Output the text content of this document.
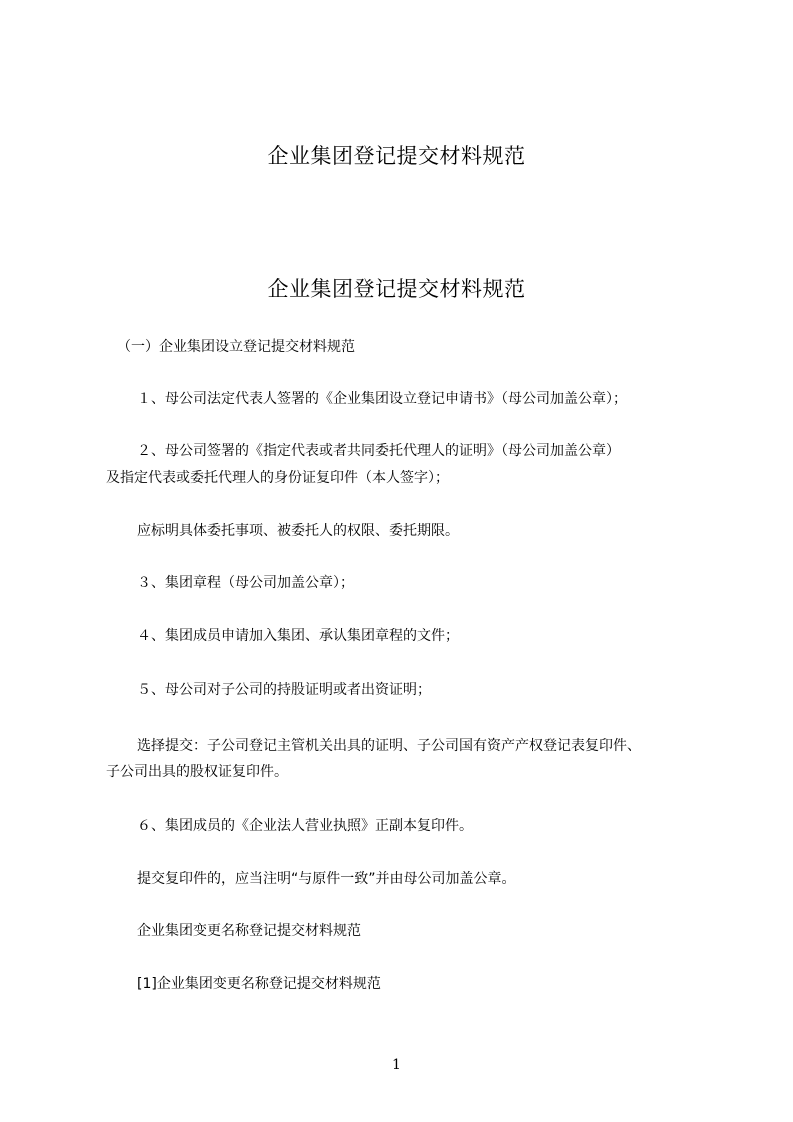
企业集团登记提交材料规范
企业集团登记提交材料规范
（一）企业集团设立登记提交材料规范
１、母公司法定代表人签署的《企业集团设立登记申请书》（母公司加盖公章）；
２、母公司签署的《指定代表或者共同委托代理人的证明》（母公司加盖公章）
及指定代表或委托代理人的身份证复印件（本人签字）；
应标明具体委托事项、被委托人的权限、委托期限。
３、集团章程（母公司加盖公章）；
４、集团成员申请加入集团、承认集团章程的文件；
５、母公司对子公司的持股证明或者出资证明；
选择提交：子公司登记主管机关出具的证明、子公司国有资产产权登记表复印件、
子公司出具的股权证复印件。
６、集团成员的《企业法人营业执照》正副本复印件。
提交复印件的，应当注明“与原件一致”并由母公司加盖公章。
企业集团变更名称登记提交材料规范
[1]企业集团变更名称登记提交材料规范
1
